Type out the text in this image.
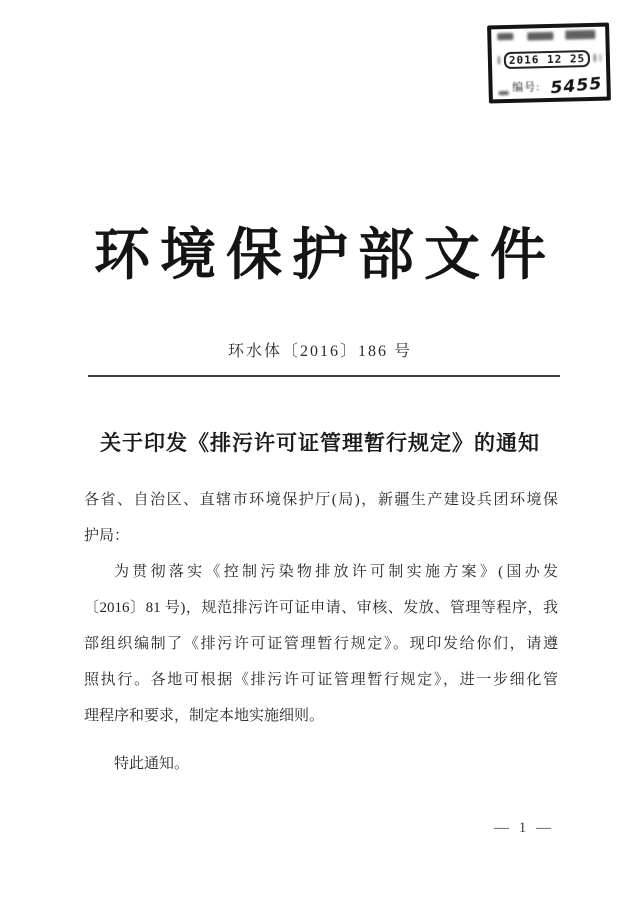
2016 12 25
编号: 5455
环境保护部文件
环水体〔2016〕186 号
关于印发《排污许可证管理暂行规定》的通知
各省、自治区、直辖市环境保护厅(局)，新疆生产建设兵团环境保
护局：
为贯彻落实《控制污染物排放许可制实施方案》(国办发
〔2016〕81 号)，规范排污许可证申请、审核、发放、管理等程序，我
部组织编制了《排污许可证管理暂行规定》。现印发给你们，请遵
照执行。各地可根据《排污许可证管理暂行规定》，进一步细化管
理程序和要求，制定本地实施细则。
特此通知。
— 1 —
